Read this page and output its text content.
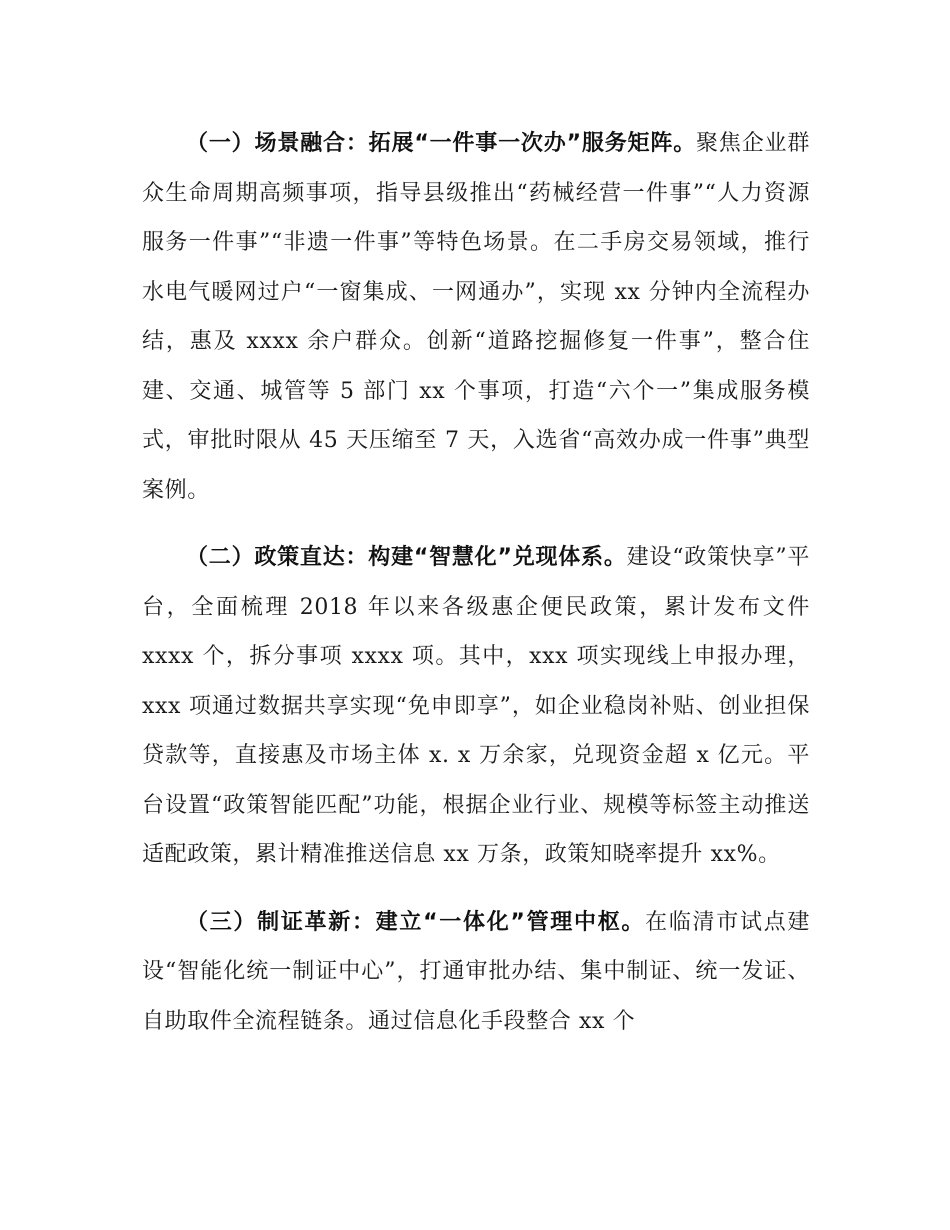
（一）场景融合：拓展“一件事一次办”服务矩阵。聚焦企业群众生命周期高频事项，指导县级推出“药械经营一件事”“人力资源服务一件事”“非遗一件事”等特色场景。在二手房交易领域，推行水电气暖网过户“一窗集成、一网通办”，实现 xx 分钟内全流程办结，惠及 xxxx 余户群众。创新“道路挖掘修复一件事”，整合住建、交通、城管等 5 部门 xx 个事项，打造“六个一”集成服务模式，审批时限从 45 天压缩至 7 天，入选省“高效办成一件事”典型案例。

（二）政策直达：构建“智慧化”兑现体系。建设“政策快享”平台，全面梳理 2018 年以来各级惠企便民政策，累计发布文件 xxxx 个，拆分事项 xxxx 项。其中，xxx 项实现线上申报办理，xxx 项通过数据共享实现“免申即享”，如企业稳岗补贴、创业担保贷款等，直接惠及市场主体 x. x 万余家，兑现资金超 x 亿元。平台设置“政策智能匹配”功能，根据企业行业、规模等标签主动推送适配政策，累计精准推送信息 xx 万条，政策知晓率提升 xx%。

（三）制证革新：建立“一体化”管理中枢。在临清市试点建设“智能化统一制证中心”，打通审批办结、集中制证、统一发证、自助取件全流程链条。通过信息化手段整合 xx 个
